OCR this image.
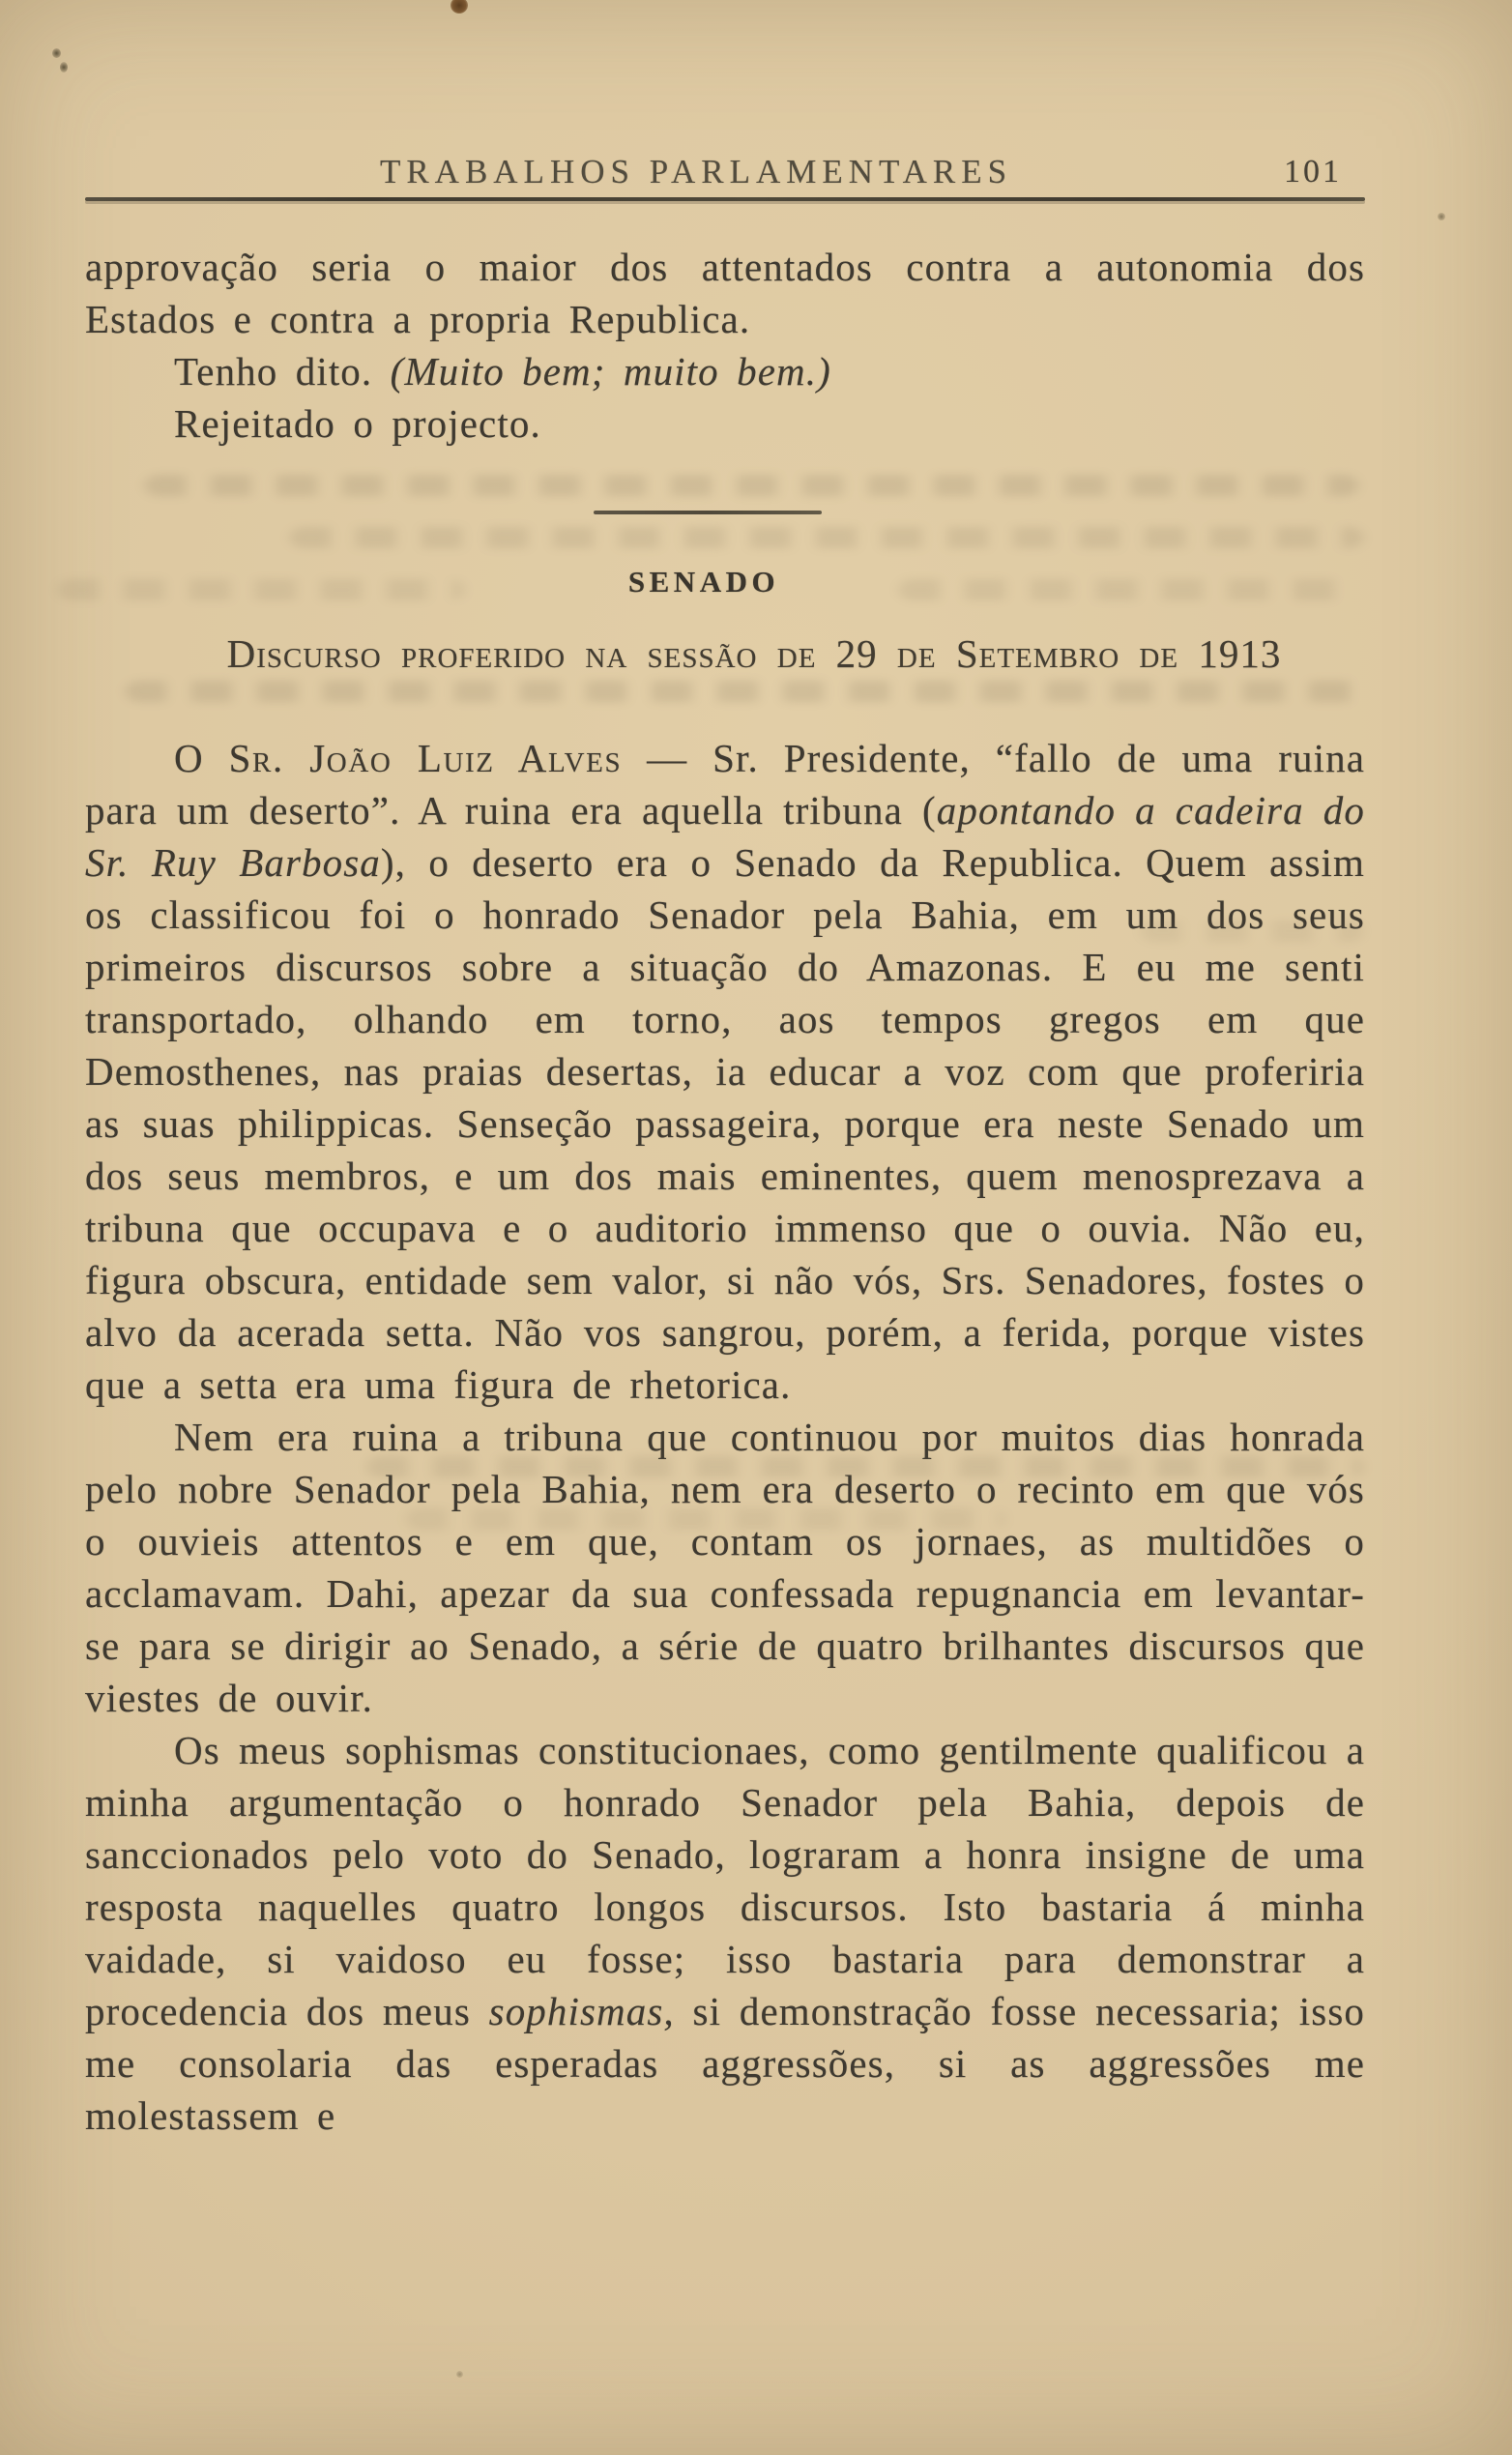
TRABALHOS PARLAMENTARES	101

approvação seria o maior dos attentados contra a autonomia dos Estados e contra a propria Republica.

Tenho dito. (Muito bem; muito bem.)

Rejeitado o projecto.

SENADO
Discurso proferido na sessão de 29 de Setembro de 1913

O Sr. João Luiz Alves — Sr. Presidente, “fallo de uma ruina para um deserto”. A ruina era aquella tribuna (apontando a cadeira do Sr. Ruy Barbosa), o deserto era o Senado da Republica. Quem assim os classificou foi o honrado Senador pela Bahia, em um dos seus primeiros discursos sobre a situação do Amazonas. E eu me senti transportado, olhando em torno, aos tempos gregos em que Demosthenes, nas praias desertas, ia educar a voz com que proferiria as suas philippicas. Senseção passageira, porque era neste Senado um dos seus membros, e um dos mais eminentes, quem menosprezava a tribuna que occupava e o auditorio immenso que o ouvia. Não eu, figura obscura, entidade sem valor, si não vós, Srs. Senadores, fostes o alvo da acerada setta. Não vos sangrou, porém, a ferida, porque vistes que a setta era uma figura de rhetorica.

Nem era ruina a tribuna que continuou por muitos dias honrada pelo nobre Senador pela Bahia, nem era deserto o recinto em que vós o ouvieis attentos e em que, contam os jornaes, as multidões o acclamavam. Dahi, apezar da sua confessada repugnancia em levantar-se para se dirigir ao Senado, a série de quatro brilhantes discursos que viestes de ouvir.

Os meus sophismas constitucionaes, como gentilmente qualificou a minha argumentação o honrado Senador pela Bahia, depois de sanccionados pelo voto do Senado, lograram a honra insigne de uma resposta naquelles quatro longos discursos. Isto bastaria á minha vaidade, si vaidoso eu fosse; isso bastaria para demonstrar a procedencia dos meus sophismas, si demonstração fosse necessaria; isso me consolaria das esperadas aggressões, si as aggressões me molestassem e
